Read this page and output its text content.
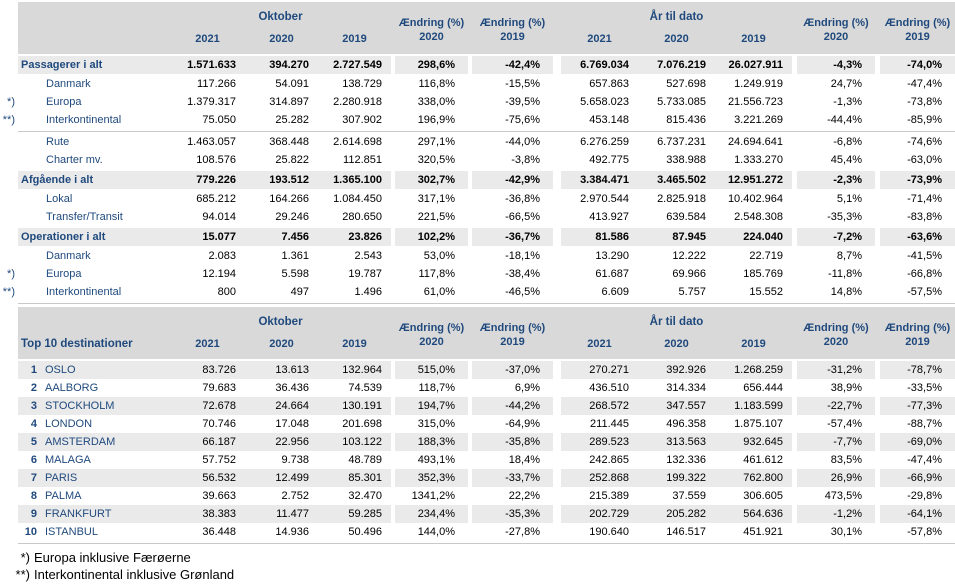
Oktober
2021	2020	2019
Ændring (%)
2020
Ændring (%)
2019
År til dato
2021	2020	2019
Ændring (%)
2020
Ændring (%)
2019
Passagerer i alt	1.571.633	394.270	2.727.549	298,6%	-42,4%	6.769.034	7.076.219	26.027.911	-4,3%	-74,0%
Danmark	117.266	54.091	138.729	116,8%	-15,5%	657.863	527.698	1.249.919	24,7%	-47,4%
*)	Europa	1.379.317	314.897	2.280.918	338,0%	-39,5%	5.658.023	5.733.085	21.556.723	-1,3%	-73,8%
**)	Interkontinental	75.050	25.282	307.902	196,9%	-75,6%	453.148	815.436	3.221.269	-44,4%	-85,9%
Rute	1.463.057	368.448	2.614.698	297,1%	-44,0%	6.276.259	6.737.231	24.694.641	-6,8%	-74,6%
Charter mv.	108.576	25.822	112.851	320,5%	-3,8%	492.775	338.988	1.333.270	45,4%	-63,0%
Afgående i alt	779.226	193.512	1.365.100	302,7%	-42,9%	3.384.471	3.465.502	12.951.272	-2,3%	-73,9%
Lokal	685.212	164.266	1.084.450	317,1%	-36,8%	2.970.544	2.825.918	10.402.964	5,1%	-71,4%
Transfer/Transit	94.014	29.246	280.650	221,5%	-66,5%	413.927	639.584	2.548.308	-35,3%	-83,8%
Operationer i alt	15.077	7.456	23.826	102,2%	-36,7%	81.586	87.945	224.040	-7,2%	-63,6%
Danmark	2.083	1.361	2.543	53,0%	-18,1%	13.290	12.222	22.719	8,7%	-41,5%
*)	Europa	12.194	5.598	19.787	117,8%	-38,4%	61.687	69.966	185.769	-11,8%	-66,8%
**)	Interkontinental	800	497	1.496	61,0%	-46,5%	6.609	5.757	15.552	14,8%	-57,5%
Top 10 destinationer
Oktober
2021	2020	2019
Ændring (%)
2020
Ændring (%)
2019
År til dato
2021	2020	2019
Ændring (%)
2020
Ændring (%)
2019
1 OSLO	83.726	13.613	132.964	515,0%	-37,0%	270.271	392.926	1.268.259	-31,2%	-78,7%
2 AALBORG	79.683	36.436	74.539	118,7%	6,9%	436.510	314.334	656.444	38,9%	-33,5%
3 STOCKHOLM	72.678	24.664	130.191	194,7%	-44,2%	268.572	347.557	1.183.599	-22,7%	-77,3%
4 LONDON	70.746	17.048	201.698	315,0%	-64,9%	211.445	496.358	1.875.107	-57,4%	-88,7%
5 AMSTERDAM	66.187	22.956	103.122	188,3%	-35,8%	289.523	313.563	932.645	-7,7%	-69,0%
6 MALAGA	57.752	9.738	48.789	493,1%	18,4%	242.865	132.336	461.612	83,5%	-47,4%
7 PARIS	56.532	12.499	85.301	352,3%	-33,7%	252.868	199.322	762.800	26,9%	-66,9%
8 PALMA	39.663	2.752	32.470	1341,2%	22,2%	215.389	37.559	306.605	473,5%	-29,8%
9 FRANKFURT	38.383	11.477	59.285	234,4%	-35,3%	202.729	205.282	564.636	-1,2%	-64,1%
10 ISTANBUL	36.448	14.936	50.496	144,0%	-27,8%	190.640	146.517	451.921	30,1%	-57,8%
*) Europa inklusive Færøerne
**) Interkontinental inklusive Grønland
